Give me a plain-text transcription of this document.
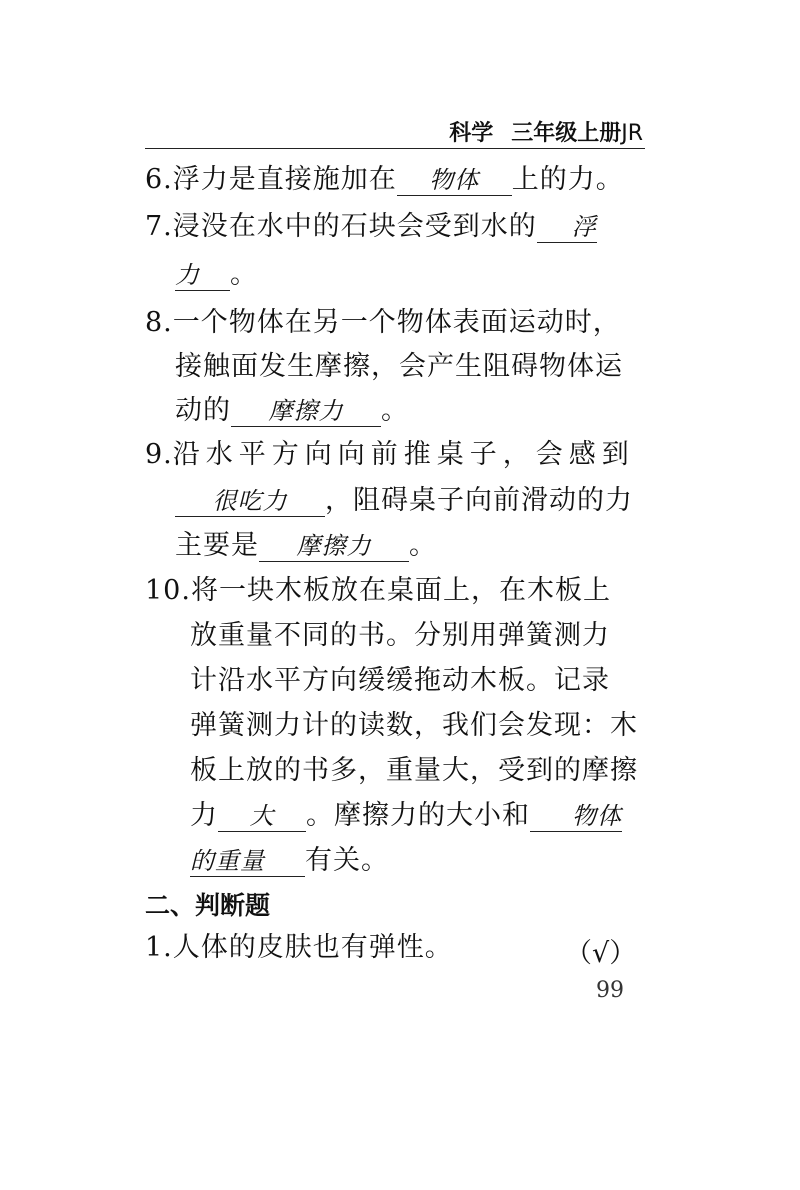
科学 三年级上册JR
6.浮力是直接施加在 物体 上的力。
7.浸没在水中的石块会受到水的 浮
力 。
8.一个物体在另一个物体表面运动时，
接触面发生摩擦，会产生阻碍物体运
动的 摩擦力 。
9.沿水平方向向前推桌子，会感到
很吃力 ，阻碍桌子向前滑动的力
主要是 摩擦力 。
10.将一块木板放在桌面上，在木板上
放重量不同的书。分别用弹簧测力
计沿水平方向缓缓拖动木板。记录
弹簧测力计的读数，我们会发现：木
板上放的书多，重量大，受到的摩擦
力 大 。摩擦力的大小和 物体
的重量 有关。
二、判断题
1.人体的皮肤也有弹性。	（√）
99
